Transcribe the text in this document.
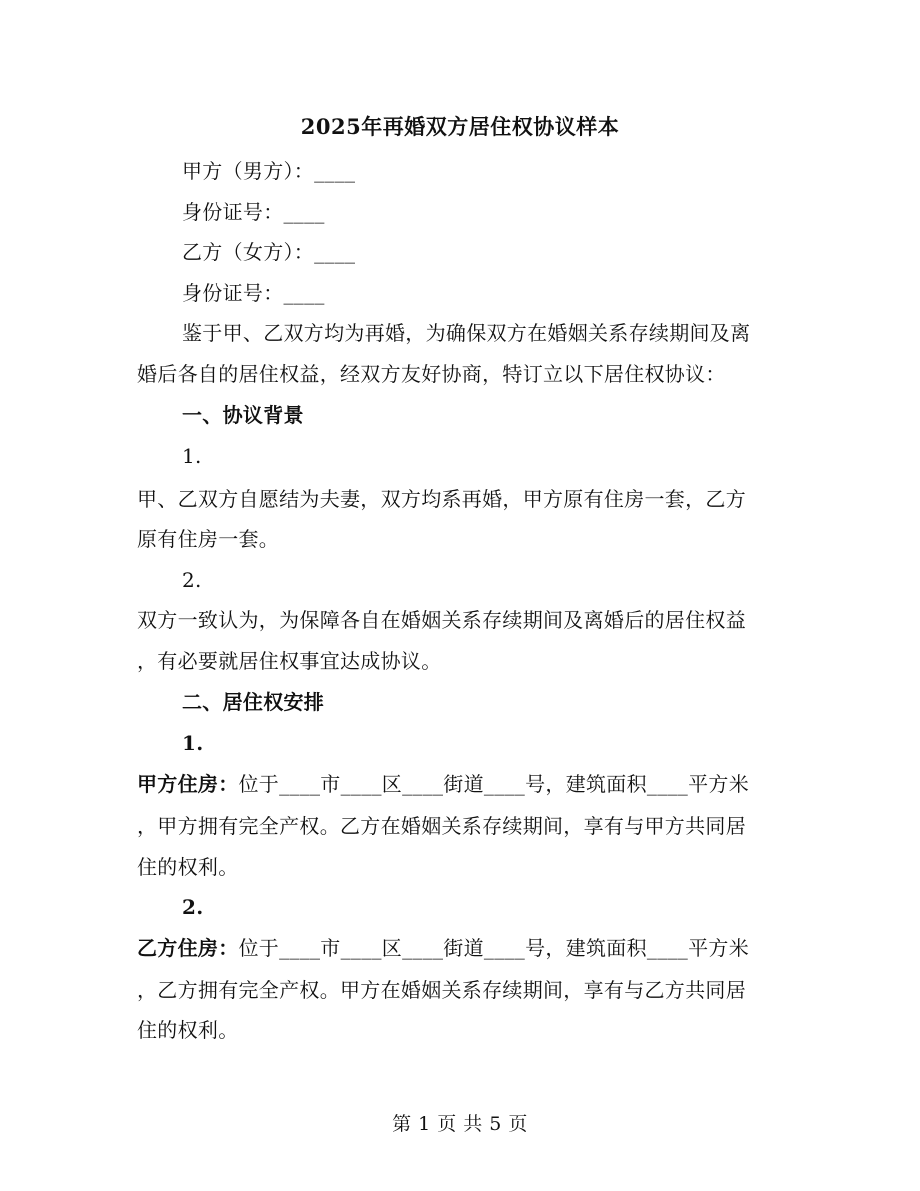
2025年再婚双方居住权协议样本
甲方（男方）：____
身份证号：____
乙方（女方）：____
身份证号：____
鉴于甲、乙双方均为再婚，为确保双方在婚姻关系存续期间及离
婚后各自的居住权益，经双方友好协商，特订立以下居住权协议：
一、协议背景
1.
甲、乙双方自愿结为夫妻，双方均系再婚，甲方原有住房一套，乙方
原有住房一套。
2.
双方一致认为，为保障各自在婚姻关系存续期间及离婚后的居住权益
，有必要就居住权事宜达成协议。
二、居住权安排
1.
甲方住房：位于____市____区____街道____号，建筑面积____平方米
，甲方拥有完全产权。乙方在婚姻关系存续期间，享有与甲方共同居
住的权利。
2.
乙方住房：位于____市____区____街道____号，建筑面积____平方米
，乙方拥有完全产权。甲方在婚姻关系存续期间，享有与乙方共同居
住的权利。
第 1 页 共 5 页
